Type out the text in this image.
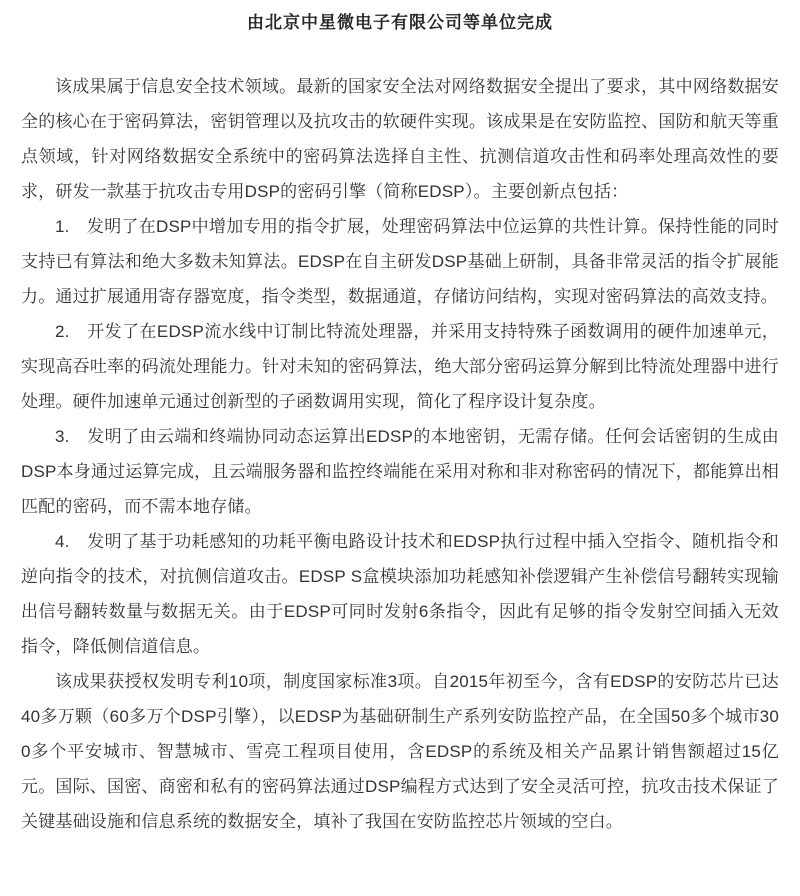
由北京中星微电子有限公司等单位完成

该成果属于信息安全技术领域。最新的国家安全法对网络数据安全提出了要求，其中网络数据安全的核心在于密码算法，密钥管理以及抗攻击的软硬件实现。该成果是在安防监控、国防和航天等重点领域，针对网络数据安全系统中的密码算法选择自主性、抗测信道攻击性和码率处理高效性的要求，研发一款基于抗攻击专用DSP的密码引擎（简称EDSP）。主要创新点包括：

1.　发明了在DSP中增加专用的指令扩展，处理密码算法中位运算的共性计算。保持性能的同时支持已有算法和绝大多数未知算法。EDSP在自主研发DSP基础上研制，具备非常灵活的指令扩展能力。通过扩展通用寄存器宽度，指令类型，数据通道，存储访问结构，实现对密码算法的高效支持。

2.　开发了在EDSP流水线中订制比特流处理器，并采用支持特殊子函数调用的硬件加速单元，实现高吞吐率的码流处理能力。针对未知的密码算法，绝大部分密码运算分解到比特流处理器中进行处理。硬件加速单元通过创新型的子函数调用实现，简化了程序设计复杂度。

3.　发明了由云端和终端协同动态运算出EDSP的本地密钥，无需存储。任何会话密钥的生成由DSP本身通过运算完成，且云端服务器和监控终端能在采用对称和非对称密码的情况下，都能算出相匹配的密码，而不需本地存储。

4.　发明了基于功耗感知的功耗平衡电路设计技术和EDSP执行过程中插入空指令、随机指令和逆向指令的技术，对抗侧信道攻击。EDSP S盒模块添加功耗感知补偿逻辑产生补偿信号翻转实现输出信号翻转数量与数据无关。由于EDSP可同时发射6条指令，因此有足够的指令发射空间插入无效指令，降低侧信道信息。

该成果获授权发明专利10项，制度国家标准3项。自2015年初至今，含有EDSP的安防芯片已达40多万颗（60多万个DSP引擎），以EDSP为基础研制生产系列安防监控产品，在全国50多个城市300多个平安城市、智慧城市、雪亮工程项目使用，含EDSP的系统及相关产品累计销售额超过15亿元。国际、国密、商密和私有的密码算法通过DSP编程方式达到了安全灵活可控，抗攻击技术保证了关键基础设施和信息系统的数据安全，填补了我国在安防监控芯片领域的空白。
